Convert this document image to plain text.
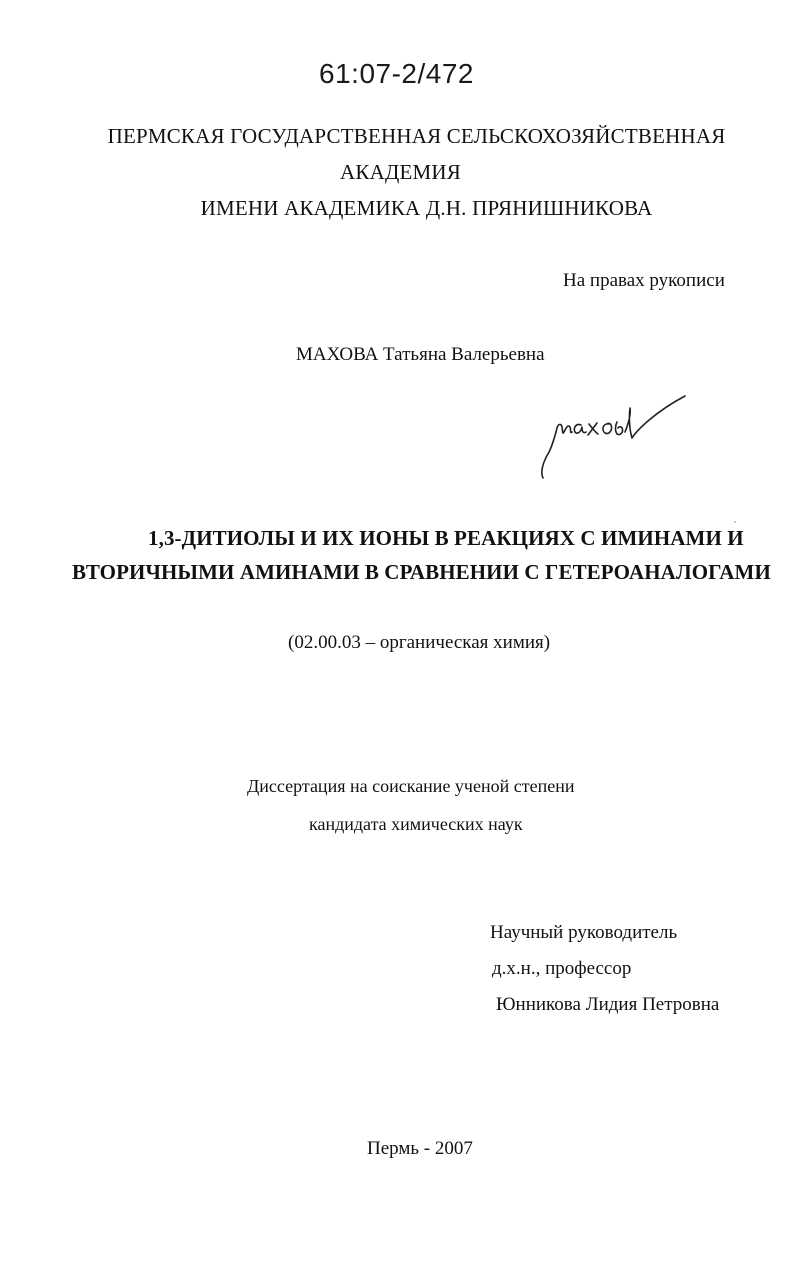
61:07-2/472
ПЕРМСКАЯ ГОСУДАРСТВЕННАЯ СЕЛЬСКОХОЗЯЙСТВЕННАЯ
АКАДЕМИЯ
ИМЕНИ АКАДЕМИКА Д.Н. ПРЯНИШНИКОВА
На правах рукописи
МАХОВА Татьяна Валерьевна
1,3-ДИТИОЛЫ И ИХ ИОНЫ В РЕАКЦИЯХ С ИМИНАМИ И
ВТОРИЧНЫМИ АМИНАМИ В СРАВНЕНИИ С ГЕТЕРОАНАЛОГАМИ
(02.00.03 – органическая химия)
Диссертация на соискание ученой степени
кандидата химических наук
Научный руководитель
д.х.н., профессор
Юнникова Лидия Петровна
Пермь - 2007
